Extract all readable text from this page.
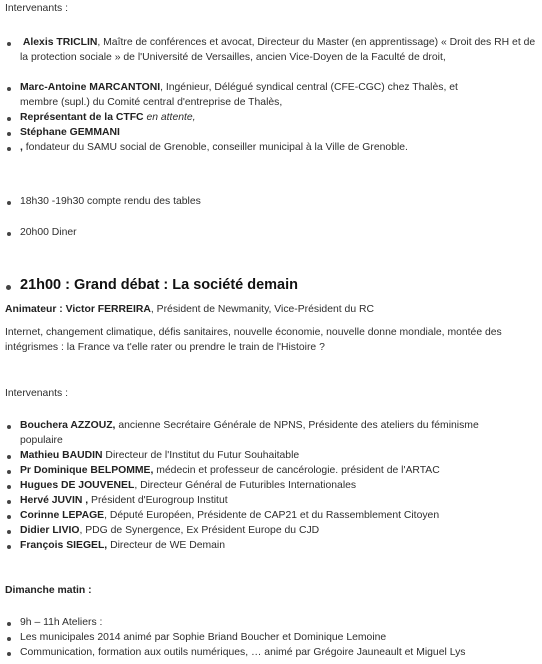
Intervenants :

Alexis TRICLIN, Maître de conférences et avocat, Directeur du Master (en apprentissage) « Droit des RH et de la protection sociale » de l'Université de Versailles, ancien Vice-Doyen de la Faculté de droit,

Marc-Antoine MARCANTONI, Ingénieur, Délégué syndical central (CFE-CGC) chez Thalès, et membre (supl.) du Comité central d'entreprise de Thalès,

Représentant de la CTFC en attente,

Stéphane GEMMANI

, fondateur du SAMU social de Grenoble, conseiller municipal à la Ville de Grenoble.

18h30 -19h30 compte rendu des tables

20h00 Diner

21h00 : Grand débat : La société demain

Animateur : Victor FERREIRA, Président de Newmanity, Vice-Président du RC

Internet, changement climatique, défis sanitaires, nouvelle économie, nouvelle donne mondiale, montée des intégrismes : la France va t'elle rater ou prendre le train de l'Histoire ?

Intervenants :

Bouchera AZZOUZ, ancienne Secrétaire Générale de NPNS, Présidente des ateliers du féminisme populaire

Mathieu BAUDIN Directeur de l'Institut du Futur Souhaitable

Pr Dominique BELPOMME, médecin et professeur de cancérologie. président de l'ARTAC

Hugues DE JOUVENEL, Directeur Général de Futuribles Internationales

Hervé JUVIN , Président d'Eurogroup Institut

Corinne LEPAGE, Député Européen, Présidente de CAP21 et du Rassemblement Citoyen

Didier LIVIO, PDG de Synergence, Ex Président Europe du CJD

François SIEGEL, Directeur de WE Demain

Dimanche matin :

9h – 11h Ateliers :

Les municipales 2014 animé par Sophie Briand Boucher et Dominique Lemoine

Communication, formation aux outils numériques, … animé par Grégoire Jauneault et Miguel Lys
